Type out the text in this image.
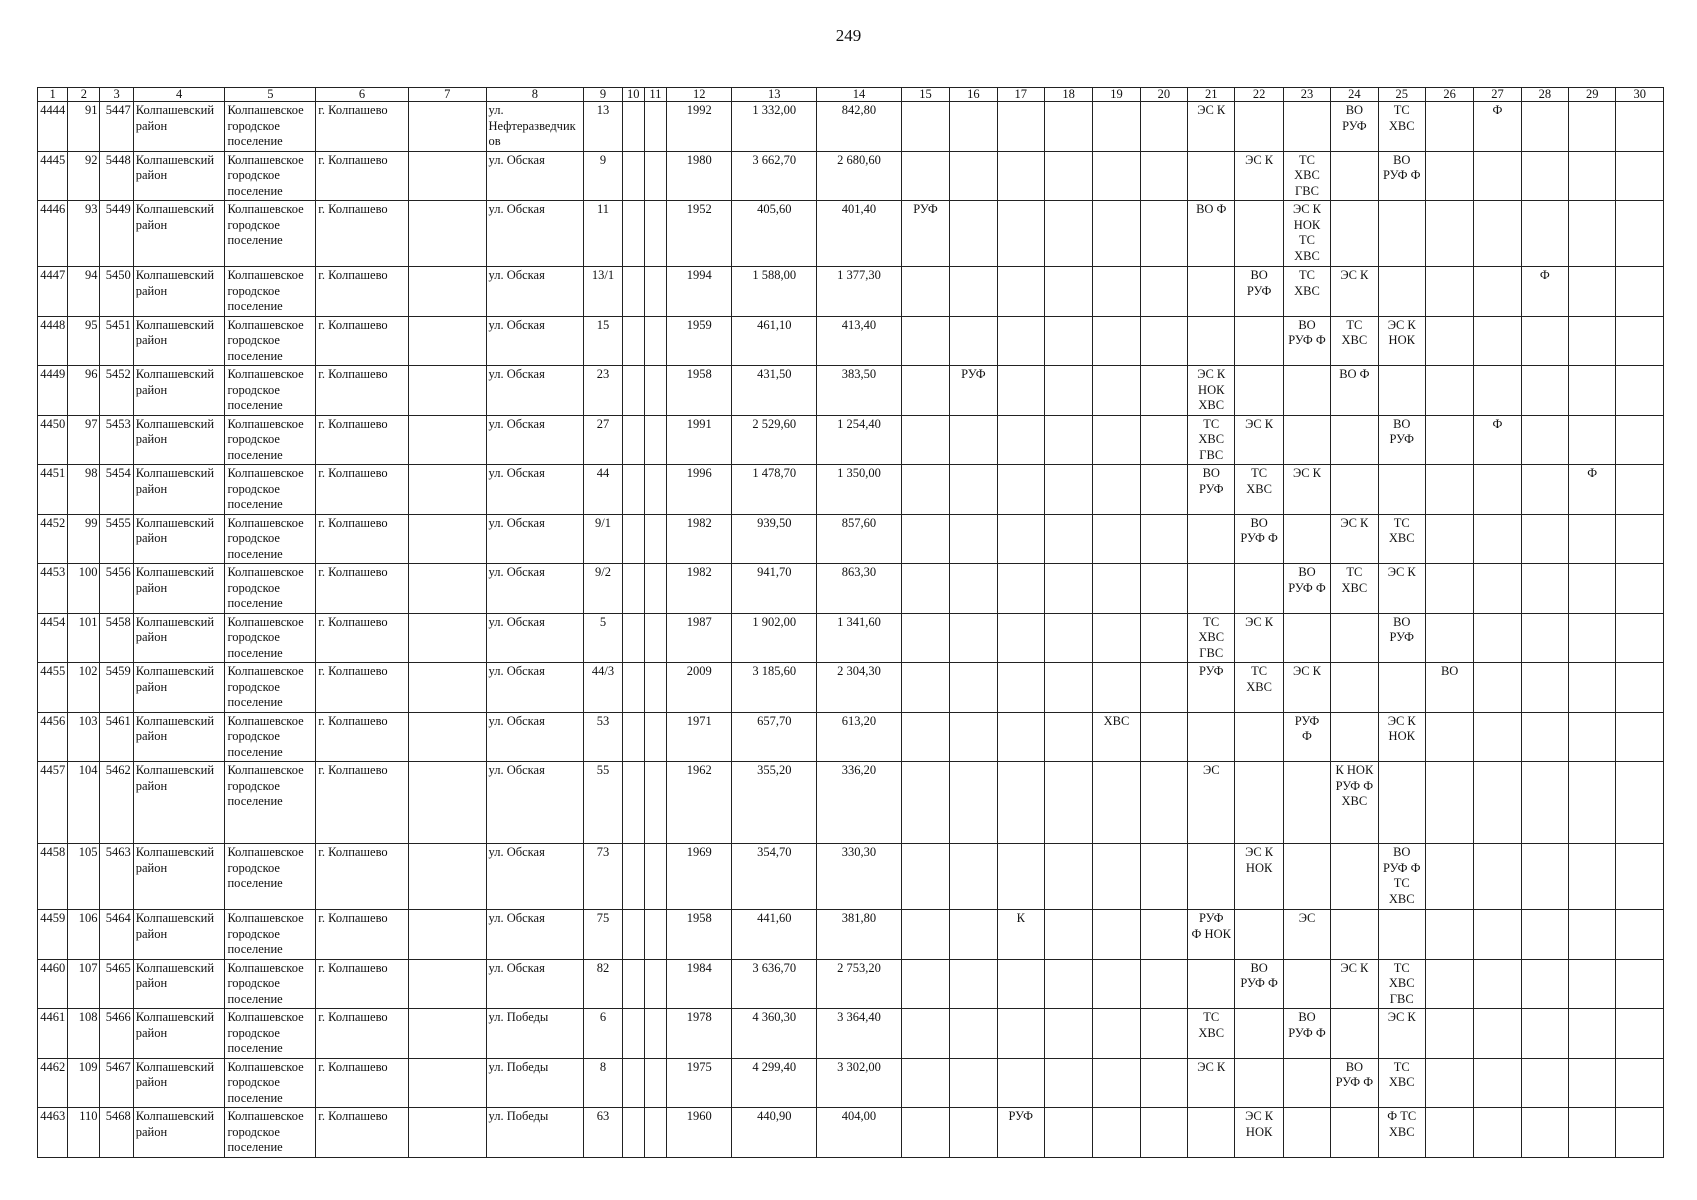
249
1	2	3	4	5	6	7	8	9	10	11	12	13	14	15	16	17	18	19	20	21	22	23	24	25	26	27	28	29	30
4444	91	5447	Колпашевский
район	Колпашевское
городское
поселение	г. Колпашево		ул.
Нефтеразведчик
ов	13			1992	1 332,00	842,80							ЭС К			ВО
РУФ	ТС
ХВС		Ф			
4445	92	5448	Колпашевский
район	Колпашевское
городское
поселение	г. Колпашево		ул. Обская	9			1980	3 662,70	2 680,60								ЭС К	ТС
ХВС
ГВС		ВО
РУФ Ф					
4446	93	5449	Колпашевский
район	Колпашевское
городское
поселение	г. Колпашево		ул. Обская	11			1952	405,60	401,40	РУФ						ВО Ф		ЭС К
НОК
ТС
ХВС							
4447	94	5450	Колпашевский
район	Колпашевское
городское
поселение	г. Колпашево		ул. Обская	13/1			1994	1 588,00	1 377,30								ВО
РУФ	ТС
ХВС	ЭС К				Ф		
4448	95	5451	Колпашевский
район	Колпашевское
городское
поселение	г. Колпашево		ул. Обская	15			1959	461,10	413,40									ВО
РУФ Ф	ТС
ХВС	ЭС К
НОК					
4449	96	5452	Колпашевский
район	Колпашевское
городское
поселение	г. Колпашево		ул. Обская	23			1958	431,50	383,50		РУФ					ЭС К
НОК
ХВС			ВО Ф						
4450	97	5453	Колпашевский
район	Колпашевское
городское
поселение	г. Колпашево		ул. Обская	27			1991	2 529,60	1 254,40							ТС
ХВС
ГВС	ЭС К			ВО
РУФ		Ф			
4451	98	5454	Колпашевский
район	Колпашевское
городское
поселение	г. Колпашево		ул. Обская	44			1996	1 478,70	1 350,00							ВО
РУФ	ТС
ХВС	ЭС К						Ф	
4452	99	5455	Колпашевский
район	Колпашевское
городское
поселение	г. Колпашево		ул. Обская	9/1			1982	939,50	857,60								ВО
РУФ Ф		ЭС К	ТС
ХВС					
4453	100	5456	Колпашевский
район	Колпашевское
городское
поселение	г. Колпашево		ул. Обская	9/2			1982	941,70	863,30									ВО
РУФ Ф	ТС
ХВС	ЭС К					
4454	101	5458	Колпашевский
район	Колпашевское
городское
поселение	г. Колпашево		ул. Обская	5			1987	1 902,00	1 341,60							ТС
ХВС
ГВС	ЭС К			ВО
РУФ					
4455	102	5459	Колпашевский
район	Колпашевское
городское
поселение	г. Колпашево		ул. Обская	44/3			2009	3 185,60	2 304,30							РУФ	ТС
ХВС	ЭС К			ВО				
4456	103	5461	Колпашевский
район	Колпашевское
городское
поселение	г. Колпашево		ул. Обская	53			1971	657,70	613,20					ХВС				РУФ
Ф		ЭС К
НОК					
4457	104	5462	Колпашевский
район	Колпашевское
городское
поселение	г. Колпашево		ул. Обская	55			1962	355,20	336,20							ЭС			К НОК
РУФ Ф
ХВС						
4458	105	5463	Колпашевский
район	Колпашевское
городское
поселение	г. Колпашево		ул. Обская	73			1969	354,70	330,30								ЭС К
НОК			ВО
РУФ Ф
ТС
ХВС					
4459	106	5464	Колпашевский
район	Колпашевское
городское
поселение	г. Колпашево		ул. Обская	75			1958	441,60	381,80			К				РУФ
Ф НОК		ЭС							
4460	107	5465	Колпашевский
район	Колпашевское
городское
поселение	г. Колпашево		ул. Обская	82			1984	3 636,70	2 753,20								ВО
РУФ Ф		ЭС К	ТС
ХВС
ГВС					
4461	108	5466	Колпашевский
район	Колпашевское
городское
поселение	г. Колпашево		ул. Победы	6			1978	4 360,30	3 364,40							ТС
ХВС		ВО
РУФ Ф		ЭС К					
4462	109	5467	Колпашевский
район	Колпашевское
городское
поселение	г. Колпашево		ул. Победы	8			1975	4 299,40	3 302,00							ЭС К			ВО
РУФ Ф	ТС
ХВС					
4463	110	5468	Колпашевский
район	Колпашевское
городское
поселение	г. Колпашево		ул. Победы	63			1960	440,90	404,00			РУФ					ЭС К
НОК			Ф ТС
ХВС					
